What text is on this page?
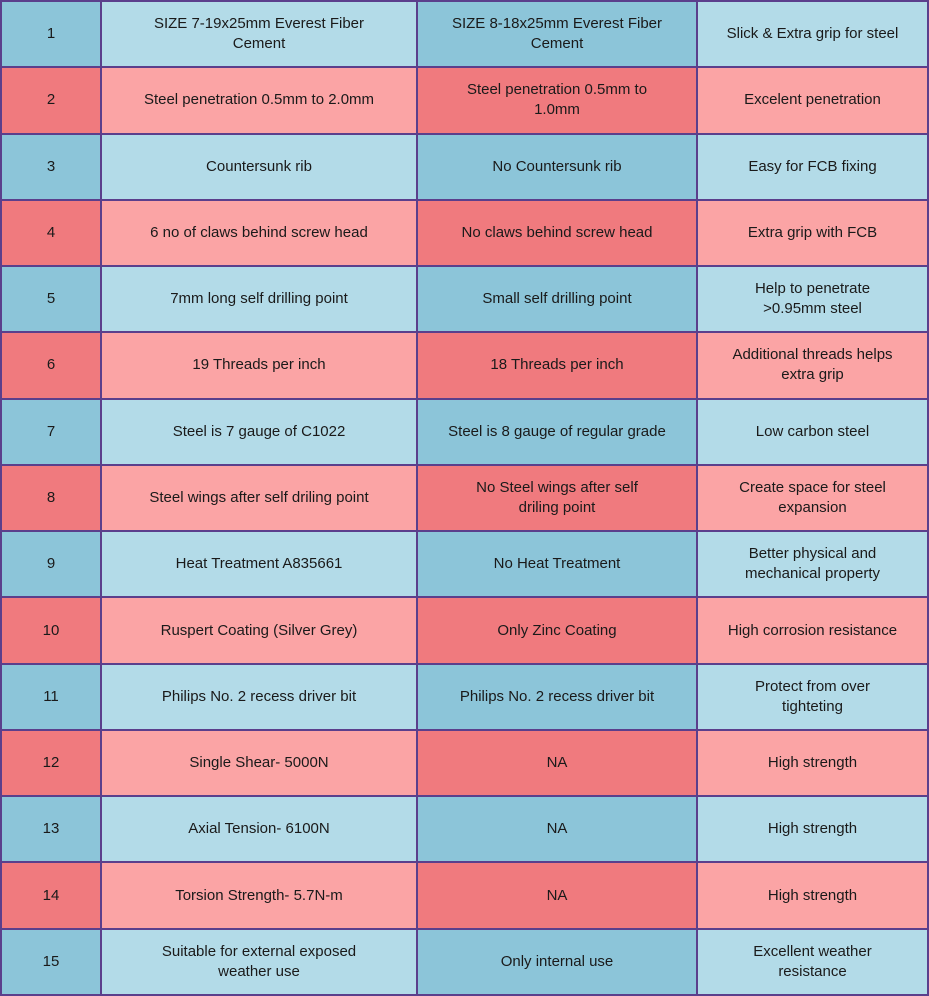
1	SIZE 7-19x25mm Everest Fiber Cement	SIZE 8-18x25mm Everest Fiber Cement	Slick & Extra grip for steel
2	Steel penetration 0.5mm to 2.0mm	Steel penetration 0.5mm to 1.0mm	Excelent penetration
3	Countersunk rib	No Countersunk rib	Easy for FCB fixing
4	6 no of claws behind screw head	No claws behind screw head	Extra grip with FCB
5	7mm long self drilling point	Small self drilling point	Help to penetrate >0.95mm steel
6	19 Threads per inch	18 Threads per inch	Additional threads helps extra grip
7	Steel is 7 gauge of C1022	Steel is 8 gauge of regular grade	Low carbon steel
8	Steel wings after self driling point	No Steel wings after self driling point	Create space for steel expansion
9	Heat Treatment A835661	No Heat Treatment	Better physical and mechanical property
10	Ruspert Coating (Silver Grey)	Only Zinc Coating	High corrosion resistance
11	Philips No. 2 recess driver bit	Philips No. 2 recess driver bit	Protect from over tighteting
12	Single Shear- 5000N	NA	High strength
13	Axial Tension- 6100N	NA	High strength
14	Torsion Strength- 5.7N-m	NA	High strength
15	Suitable for external exposed weather use	Only internal use	Excellent weather resistance
